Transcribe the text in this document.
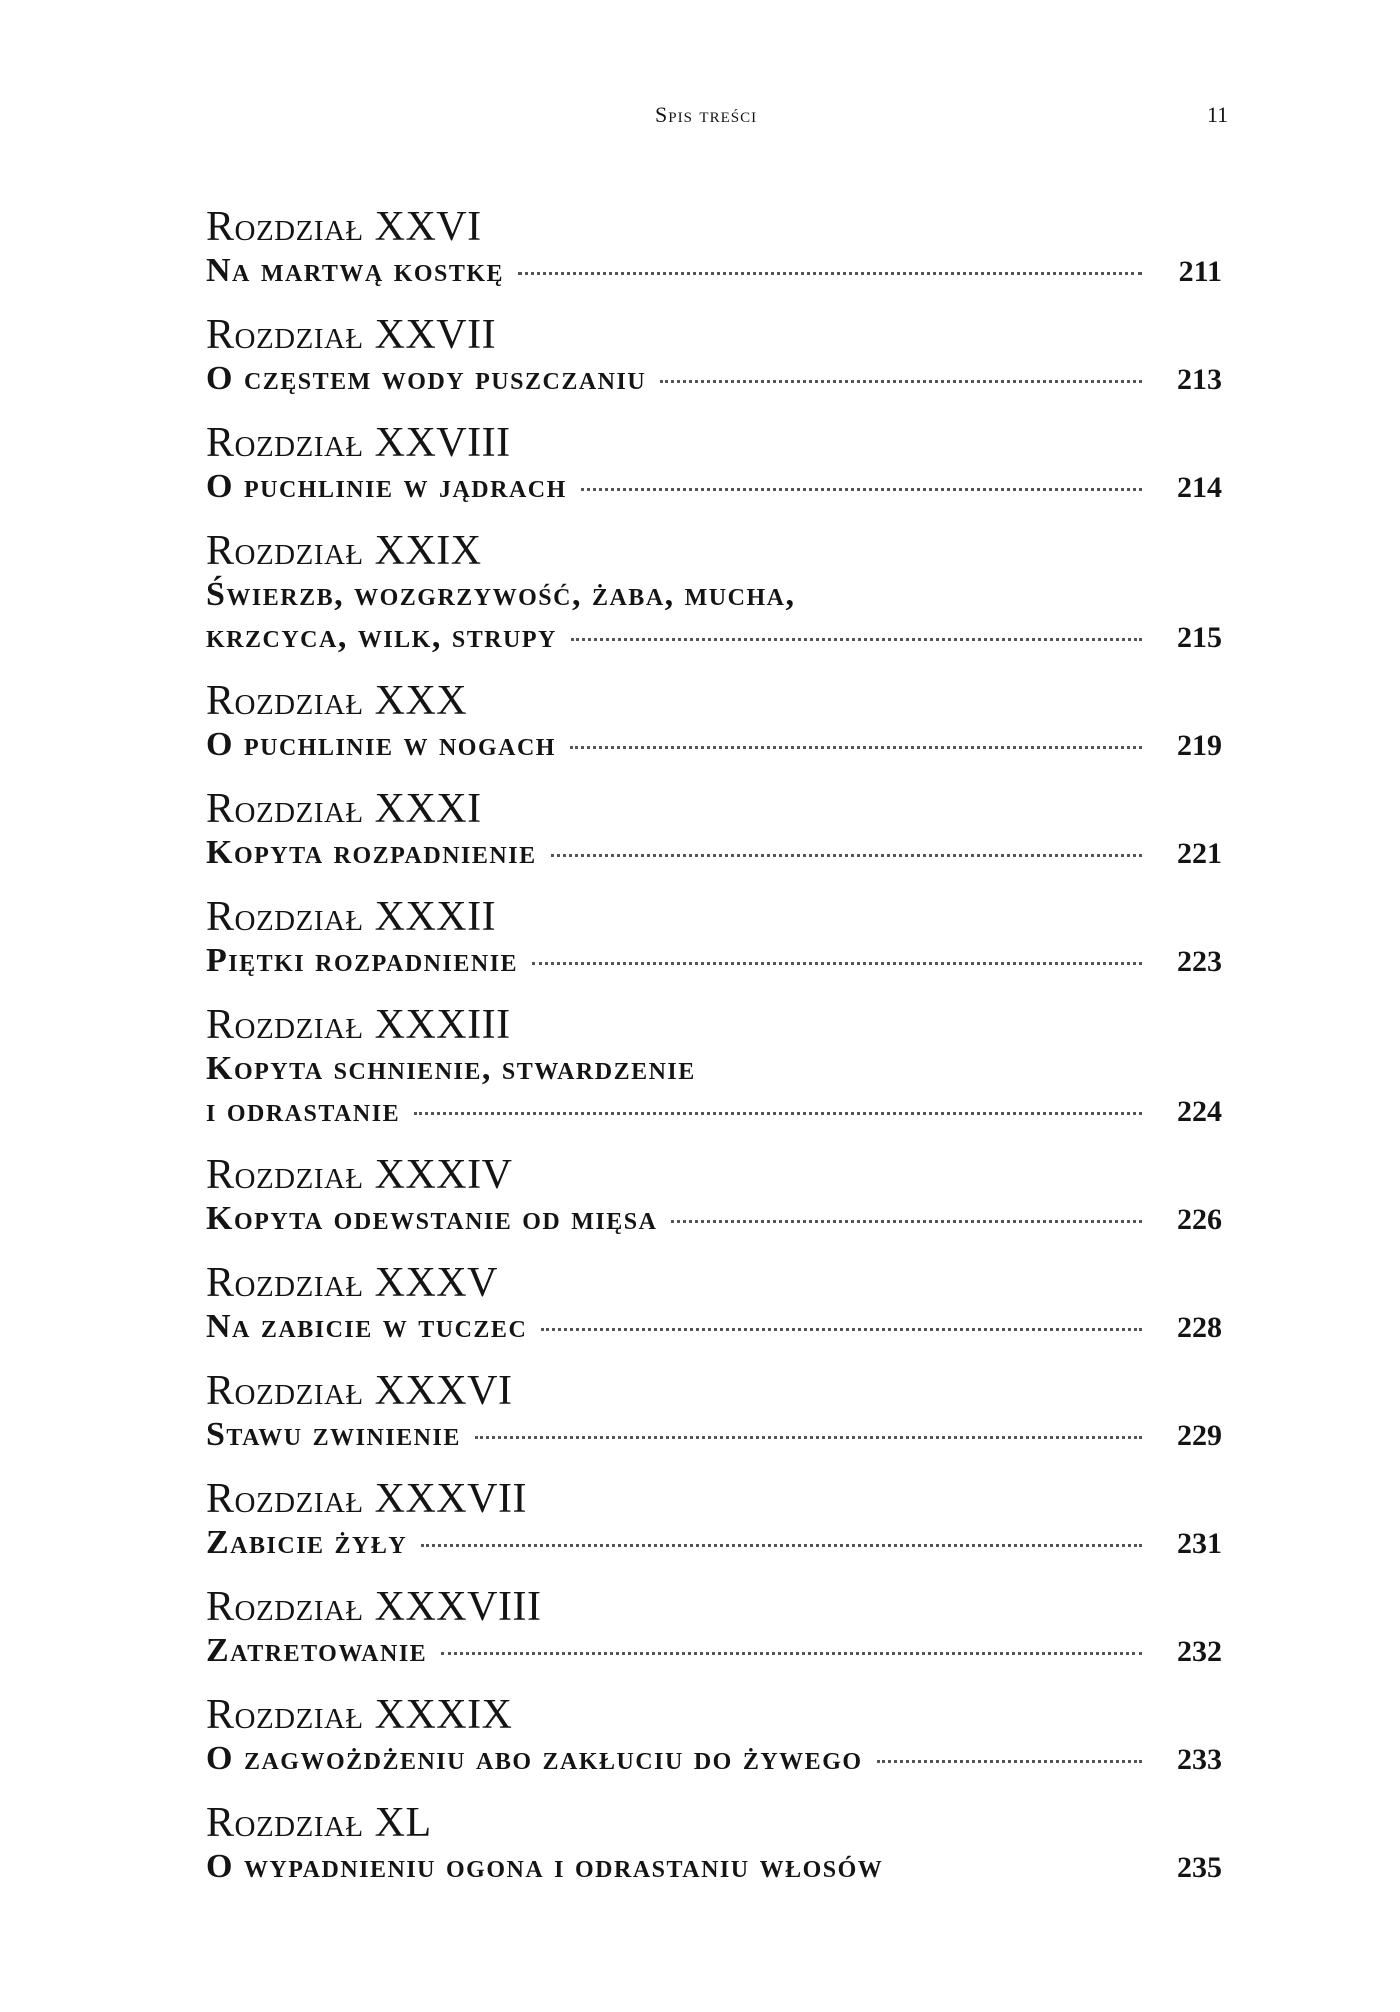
Spis treści	11
Rozdział XXVI
Na martwą kostkę	211
Rozdział XXVII
O częstem wody puszczaniu	213
Rozdział XXVIII
O puchlinie w jądrach	214
Rozdział XXIX
Świerzb, wozgrzywość, żaba, mucha,
krzcyca, wilk, strupy	215
Rozdział XXX
O puchlinie w nogach	219
Rozdział XXXI
Kopyta rozpadnienie	221
Rozdział XXXII
Piętki rozpadnienie	223
Rozdział XXXIII
Kopyta schnienie, stwardzenie
i odrastanie	224
Rozdział XXXIV
Kopyta odewstanie od mięsa	226
Rozdział XXXV
Na zabicie w tuczec	228
Rozdział XXXVI
Stawu zwinienie	229
Rozdział XXXVII
Zabicie żyły	231
Rozdział XXXVIII
Zatretowanie	232
Rozdział XXXIX
O zagwożdżeniu abo zakłuciu do żywego	233
Rozdział XL
O wypadnieniu ogona i odrastaniu włosów	235
